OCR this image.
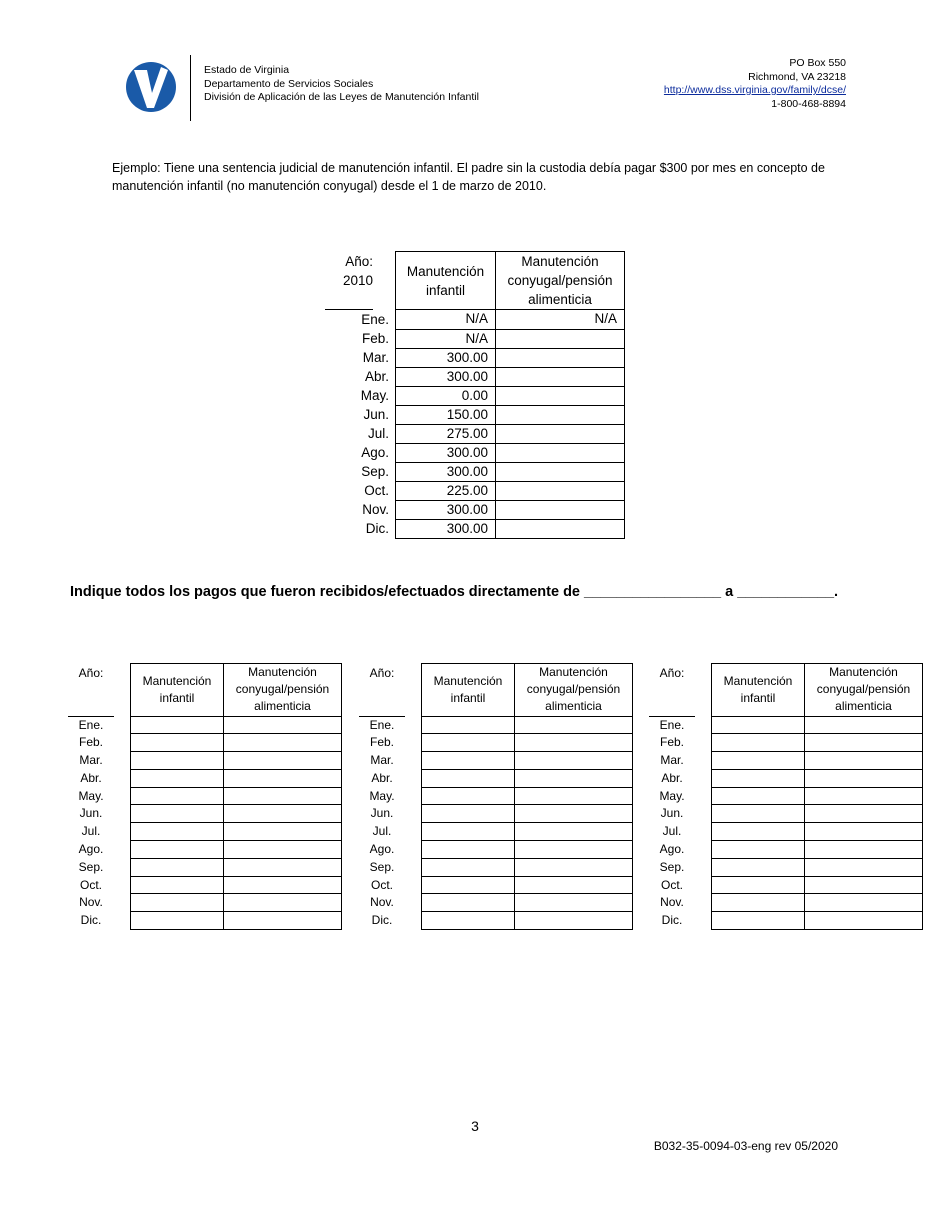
Estado de Virginia
Departamento de Servicios Sociales
División de Aplicación de las Leyes de Manutención Infantil
PO Box 550
Richmond, VA 23218
http://www.dss.virginia.gov/family/dcse/
1-800-468-8894
Ejemplo: Tiene una sentencia judicial de manutención infantil. El padre sin la custodia debía pagar $300 por mes en concepto de manutención infantil (no manutención conyugal) desde el 1 de marzo de 2010.
Año:
2010		Manutención infantil	Manutención conyugal/pensión alimenticia
Ene.		N/A	N/A
Feb.		N/A	
Mar.		300.00	
Abr.		300.00	
May.		0.00	
Jun.		150.00	
Jul.		275.00	
Ago.		300.00	
Sep.		300.00	
Oct.		225.00	
Nov.		300.00	
Dic.		300.00	
Indique todos los pagos que fueron recibidos/efectuados directamente de _________________ a ____________.
Año:		Manutención infantil	Manutención conyugal/pensión alimenticia
Ene.			
Feb.			
Mar.			
Abr.			
May.			
Jun.			
Jul.			
Ago.			
Sep.			
Oct.			
Nov.			
Dic.			
Año:		Manutención infantil	Manutención conyugal/pensión alimenticia
Ene.			
Feb.			
Mar.			
Abr.			
May.			
Jun.			
Jul.			
Ago.			
Sep.			
Oct.			
Nov.			
Dic.			
Año:		Manutención infantil	Manutención conyugal/pensión alimenticia
Ene.			
Feb.			
Mar.			
Abr.			
May.			
Jun.			
Jul.			
Ago.			
Sep.			
Oct.			
Nov.			
Dic.			
3
B032-35-0094-03-eng rev 05/2020
